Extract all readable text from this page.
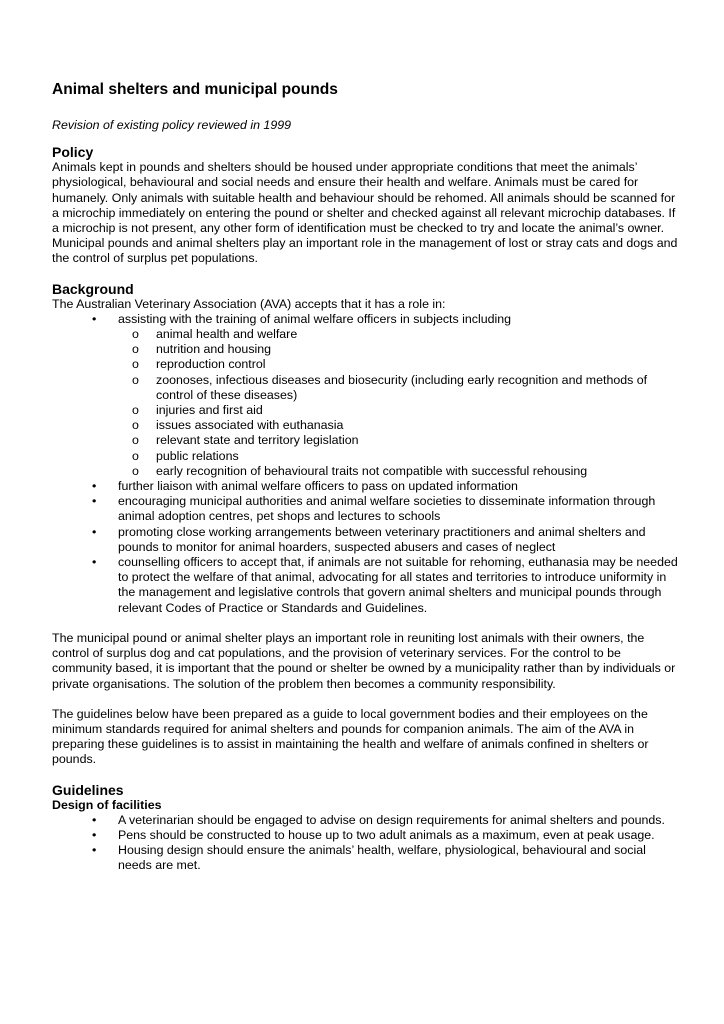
Animal shelters and municipal pounds

Revision of existing policy reviewed in 1999

Policy

Animals kept in pounds and shelters should be housed under appropriate conditions that meet the animals’ physiological, behavioural and social needs and ensure their health and welfare. Animals must be cared for humanely. Only animals with suitable health and behaviour should be rehomed. All animals should be scanned for a microchip immediately on entering the pound or shelter and checked against all relevant microchip databases. If a microchip is not present, any other form of identification must be checked to try and locate the animal’s owner. Municipal pounds and animal shelters play an important role in the management of lost or stray cats and dogs and the control of surplus pet populations.

Background

The Australian Veterinary Association (AVA) accepts that it has a role in:

• assisting with the training of animal welfare officers in subjects including
o animal health and welfare
o nutrition and housing
o reproduction control
o zoonoses, infectious diseases and biosecurity (including early recognition and methods of control of these diseases)
o injuries and first aid
o issues associated with euthanasia
o relevant state and territory legislation
o public relations
o early recognition of behavioural traits not compatible with successful rehousing
• further liaison with animal welfare officers to pass on updated information
• encouraging municipal authorities and animal welfare societies to disseminate information through animal adoption centres, pet shops and lectures to schools
• promoting close working arrangements between veterinary practitioners and animal shelters and pounds to monitor for animal hoarders, suspected abusers and cases of neglect
• counselling officers to accept that, if animals are not suitable for rehoming, euthanasia may be needed to protect the welfare of that animal, advocating for all states and territories to introduce uniformity in the management and legislative controls that govern animal shelters and municipal pounds through relevant Codes of Practice or Standards and Guidelines.

The municipal pound or animal shelter plays an important role in reuniting lost animals with their owners, the control of surplus dog and cat populations, and the provision of veterinary services. For the control to be community based, it is important that the pound or shelter be owned by a municipality rather than by individuals or private organisations. The solution of the problem then becomes a community responsibility.

The guidelines below have been prepared as a guide to local government bodies and their employees on the minimum standards required for animal shelters and pounds for companion animals. The aim of the AVA in preparing these guidelines is to assist in maintaining the health and welfare of animals confined in shelters or pounds.

Guidelines
Design of facilities
• A veterinarian should be engaged to advise on design requirements for animal shelters and pounds.
• Pens should be constructed to house up to two adult animals as a maximum, even at peak usage.
• Housing design should ensure the animals’ health, welfare, physiological, behavioural and social needs are met.
